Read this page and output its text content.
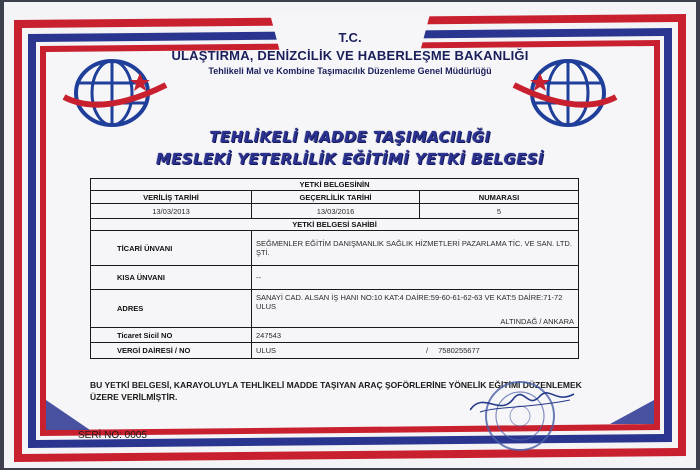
T.C.
ULAŞTIRMA, DENİZCİLİK VE HABERLEŞME BAKANLIĞI
Tehlikeli Mal ve Kombine Taşımacılık Düzenleme Genel Müdürlüğü
TEHLİKELİ MADDE TAŞIMACILIĞI
MESLEKİ YETERLİLİK EĞİTİMİ YETKİ BELGESİ
YETKİ BELGESİNİN		
VERİLİŞ TARİHİ	GEÇERLİLİK TARİHİ	NUMARASI
13/03/2013	13/03/2016	5
YETKİ BELGESİ SAHİBİ		
TİCARİ ÜNVANI	SEĞMENLER EĞİTİM DANIŞMANLIK SAĞLIK HİZMETLERİ PAZARLAMA TİC. VE SAN. LTD. ŞTİ.	
KISA ÜNVANI	--	
ADRES	SANAYİ CAD. ALSAN İŞ HANI NO:10 KAT:4 DAİRE:59-60-61-62-63 VE KAT:5 DAİRE:71-72 ULUS
ALTINDAĞ / ANKARA	

Ticaret Sicil NO	247543	
VERGİ DAİRESİ / NO	ULUS / 7580255677	
BU YETKİ BELGESİ, KARAYOLUYLA TEHLİKELİ MADDE TAŞIYAN ARAÇ ŞOFÖRLERİNE YÖNELİK EĞİTİMİ DÜZENLEMEK ÜZERE VERİLMİŞTİR.
SERİ NO: 0005
